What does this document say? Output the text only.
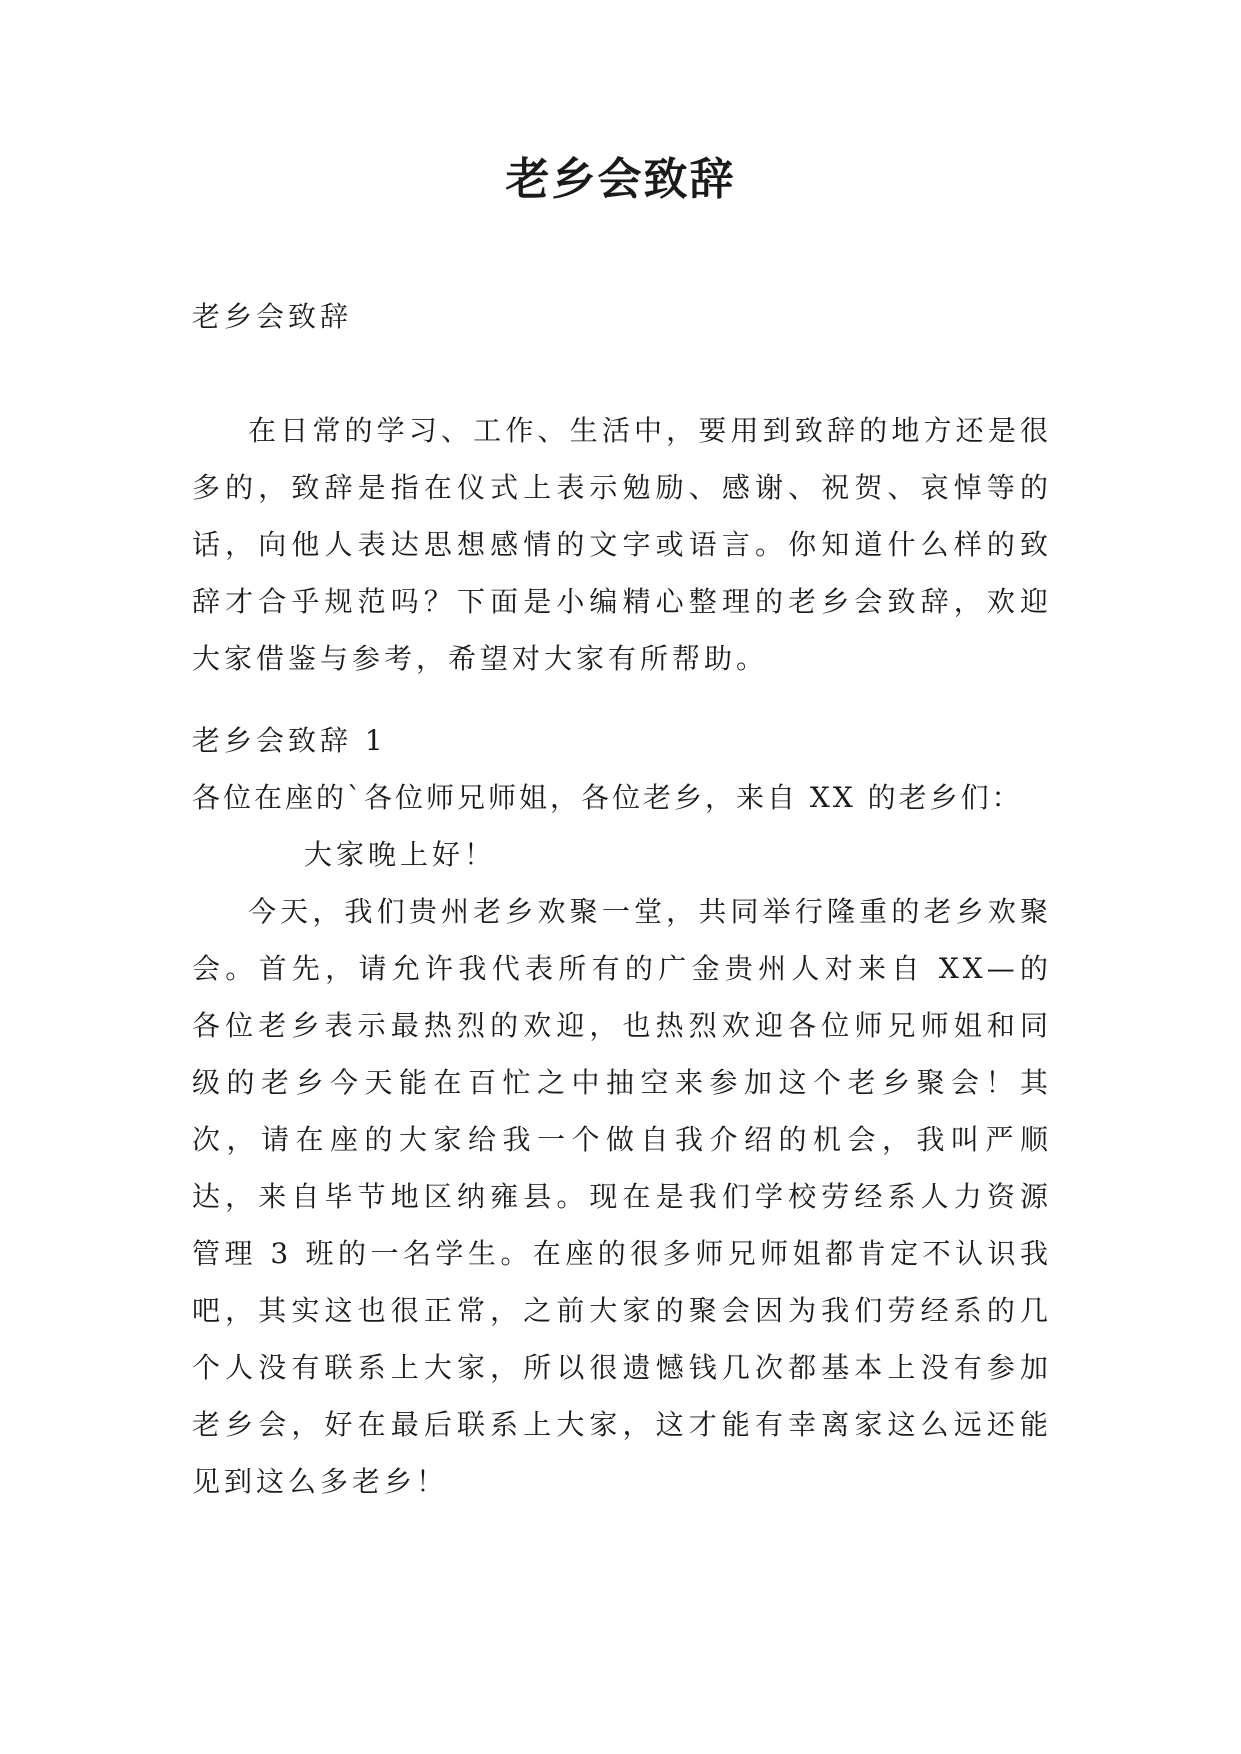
老乡会致辞

老乡会致辞

在日常的学习、工作、生活中，要用到致辞的地方还是很多的，致辞是指在仪式上表示勉励、感谢、祝贺、哀悼等的话，向他人表达思想感情的文字或语言。你知道什么样的致辞才合乎规范吗？下面是小编精心整理的老乡会致辞，欢迎大家借鉴与参考，希望对大家有所帮助。

老乡会致辞 1

各位在座的`各位师兄师姐，各位老乡，来自 XX 的老乡们：

大家晚上好！

今天，我们贵州老乡欢聚一堂，共同举行隆重的老乡欢聚会。首先，请允许我代表所有的广金贵州人对来自 XX—的各位老乡表示最热烈的欢迎，也热烈欢迎各位师兄师姐和同级的老乡今天能在百忙之中抽空来参加这个老乡聚会！其次，请在座的大家给我一个做自我介绍的机会，我叫严顺达，来自毕节地区纳雍县。现在是我们学校劳经系人力资源管理 3 班的一名学生。在座的很多师兄师姐都肯定不认识我吧，其实这也很正常，之前大家的聚会因为我们劳经系的几个人没有联系上大家，所以很遗憾钱几次都基本上没有参加老乡会，好在最后联系上大家，这才能有幸离家这么远还能见到这么多老乡！
